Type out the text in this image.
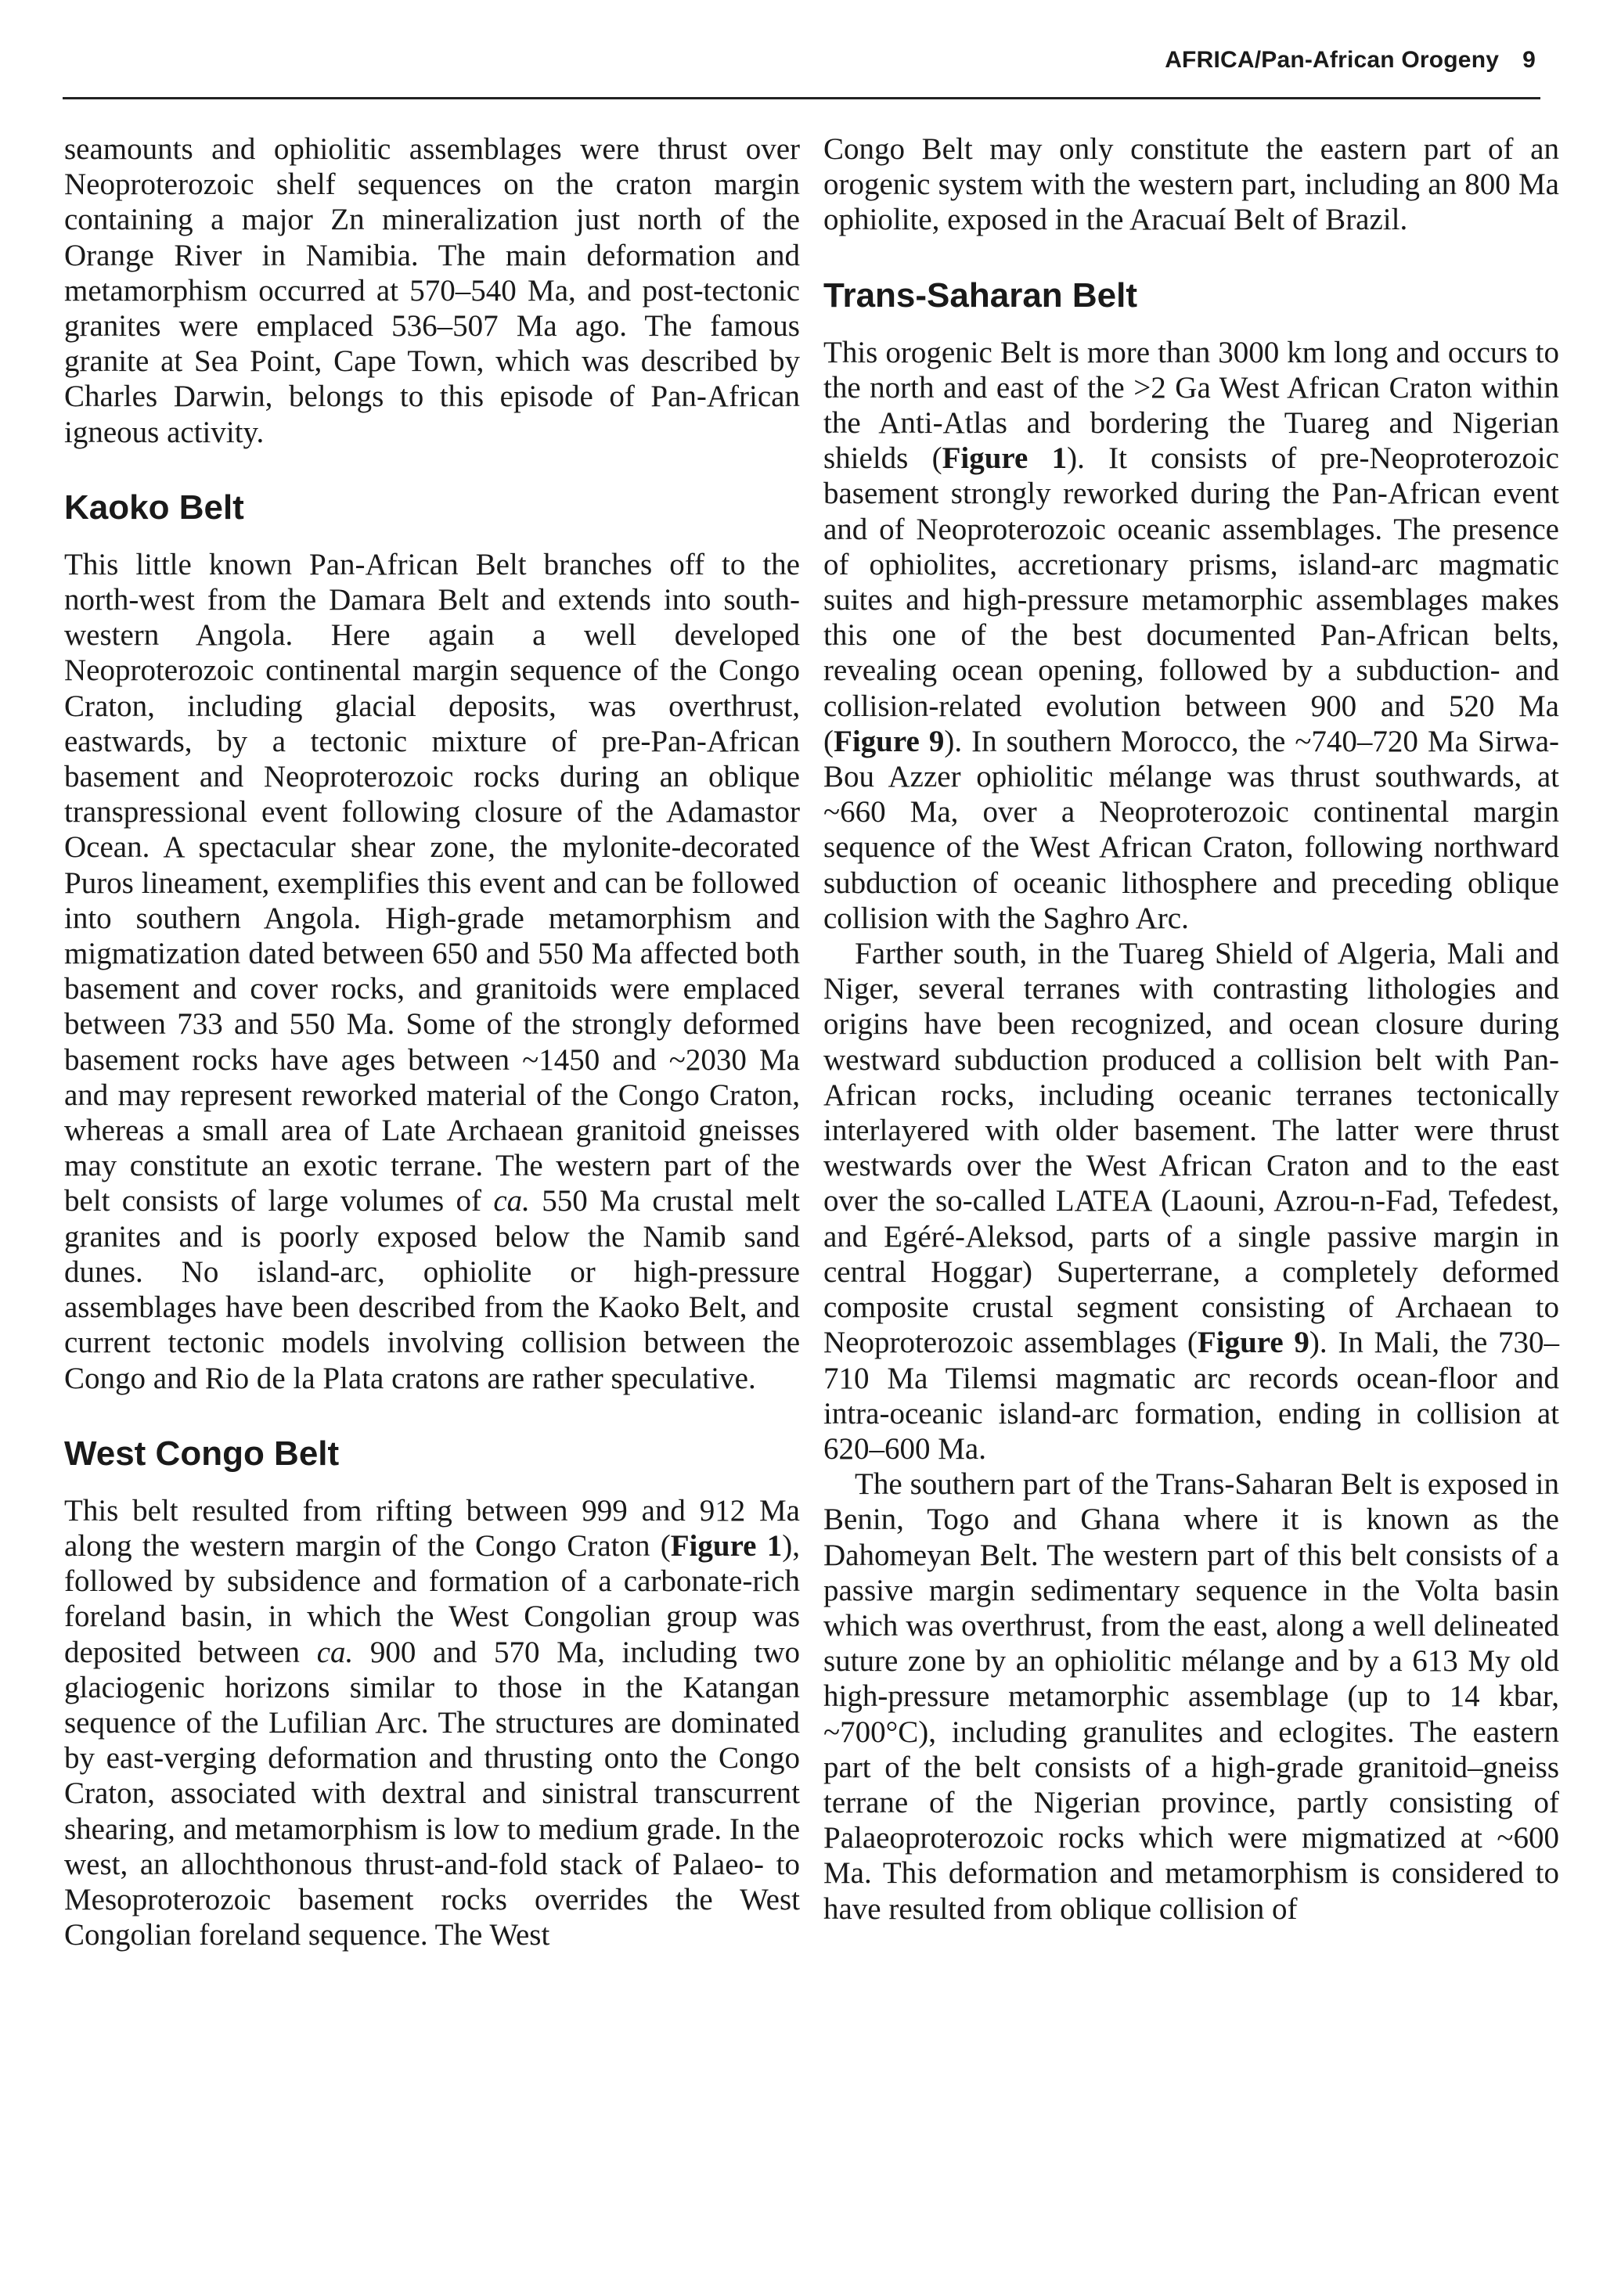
AFRICA/Pan-African Orogeny 9

seamounts and ophiolitic assemblages were thrust over Neoproterozoic shelf sequences on the craton margin containing a major Zn mineralization just north of the Orange River in Namibia. The main deformation and metamorphism occurred at 570–540 Ma, and post-tectonic granites were emplaced 536–507 Ma ago. The famous granite at Sea Point, Cape Town, which was described by Charles Darwin, belongs to this episode of Pan-African igneous activity.

Kaoko Belt

This little known Pan-African Belt branches off to the north-west from the Damara Belt and extends into south-western Angola. Here again a well developed Neoproterozoic continental margin sequence of the Congo Craton, including glacial deposits, was overthrust, eastwards, by a tectonic mixture of pre-Pan-African basement and Neoproterozoic rocks during an oblique transpressional event following closure of the Adamastor Ocean. A spectacular shear zone, the mylonite-decorated Puros lineament, exemplifies this event and can be followed into southern Angola. High-grade metamorphism and migmatization dated between 650 and 550 Ma affected both basement and cover rocks, and granitoids were emplaced between 733 and 550 Ma. Some of the strongly deformed basement rocks have ages between ~1450 and ~2030 Ma and may represent reworked material of the Congo Craton, whereas a small area of Late Archaean granitoid gneisses may constitute an exotic terrane. The western part of the belt consists of large volumes of ca. 550 Ma crustal melt granites and is poorly exposed below the Namib sand dunes. No island-arc, ophiolite or high-pressure assemblages have been described from the Kaoko Belt, and current tectonic models involving collision between the Congo and Rio de la Plata cratons are rather speculative.

West Congo Belt

This belt resulted from rifting between 999 and 912 Ma along the western margin of the Congo Craton (Figure 1), followed by subsidence and formation of a carbonate-rich foreland basin, in which the West Congolian group was deposited between ca. 900 and 570 Ma, including two glaciogenic horizons similar to those in the Katangan sequence of the Lufilian Arc. The structures are dominated by east-verging deformation and thrusting onto the Congo Craton, associated with dextral and sinistral transcurrent shearing, and metamorphism is low to medium grade. In the west, an allochthonous thrust-and-fold stack of Palaeo- to Mesoproterozoic basement rocks overrides the West Congolian foreland sequence. The West

Congo Belt may only constitute the eastern part of an orogenic system with the western part, including an 800 Ma ophiolite, exposed in the Aracuaí Belt of Brazil.

Trans-Saharan Belt

This orogenic Belt is more than 3000 km long and occurs to the north and east of the >2 Ga West African Craton within the Anti-Atlas and bordering the Tuareg and Nigerian shields (Figure 1). It consists of pre-Neoproterozoic basement strongly reworked during the Pan-African event and of Neoproterozoic oceanic assemblages. The presence of ophiolites, accretionary prisms, island-arc magmatic suites and high-pressure metamorphic assemblages makes this one of the best documented Pan-African belts, revealing ocean opening, followed by a subduction- and collision-related evolution between 900 and 520 Ma (Figure 9). In southern Morocco, the ~740–720 Ma Sirwa-Bou Azzer ophiolitic mélange was thrust southwards, at ~660 Ma, over a Neoproterozoic continental margin sequence of the West African Craton, following northward subduction of oceanic lithosphere and preceding oblique collision with the Saghro Arc.

Farther south, in the Tuareg Shield of Algeria, Mali and Niger, several terranes with contrasting lithologies and origins have been recognized, and ocean closure during westward subduction produced a collision belt with Pan-African rocks, including oceanic terranes tectonically interlayered with older basement. The latter were thrust westwards over the West African Craton and to the east over the so-called LATEA (Laouni, Azrou-n-Fad, Tefedest, and Egéré-Aleksod, parts of a single passive margin in central Hoggar) Superterrane, a completely deformed composite crustal segment consisting of Archaean to Neoproterozoic assemblages (Figure 9). In Mali, the 730–710 Ma Tilemsi magmatic arc records ocean-floor and intra-oceanic island-arc formation, ending in collision at 620–600 Ma.

The southern part of the Trans-Saharan Belt is exposed in Benin, Togo and Ghana where it is known as the Dahomeyan Belt. The western part of this belt consists of a passive margin sedimentary sequence in the Volta basin which was overthrust, from the east, along a well delineated suture zone by an ophiolitic mélange and by a 613 My old high-pressure metamorphic assemblage (up to 14 kbar, ~700°C), including granulites and eclogites. The eastern part of the belt consists of a high-grade granitoid–gneiss terrane of the Nigerian province, partly consisting of Palaeoproterozoic rocks which were migmatized at ~600 Ma. This deformation and metamorphism is considered to have resulted from oblique collision of
